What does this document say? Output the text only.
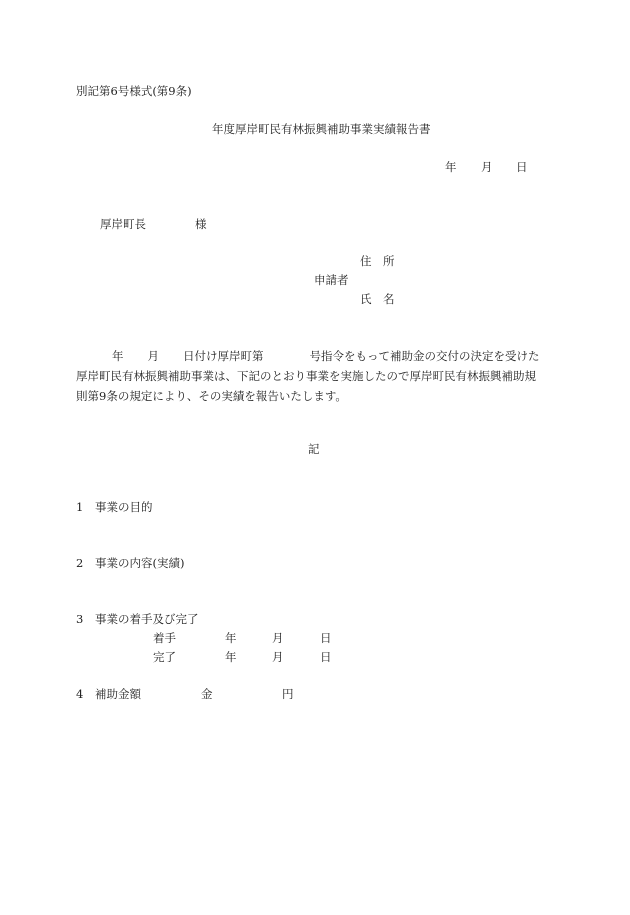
別記第6号様式(第9条)
年度厚岸町民有林振興補助事業実績報告書
年 月 日
厚岸町長	様
住　所
申請者
氏　名
年 月 日付け厚岸町第	号指令をもって補助金の交付の決定を受けた
厚岸町民有林振興補助事業は、下記のとおり事業を実施したので厚岸町民有林振興補助規
則第9条の規定により、その実績を報告いたします。
記
1 事業の目的
2 事業の内容(実績)
3 事業の着手及び完了
着手	年	月	日
完了	年	月	日
4 補助金額	金	円
